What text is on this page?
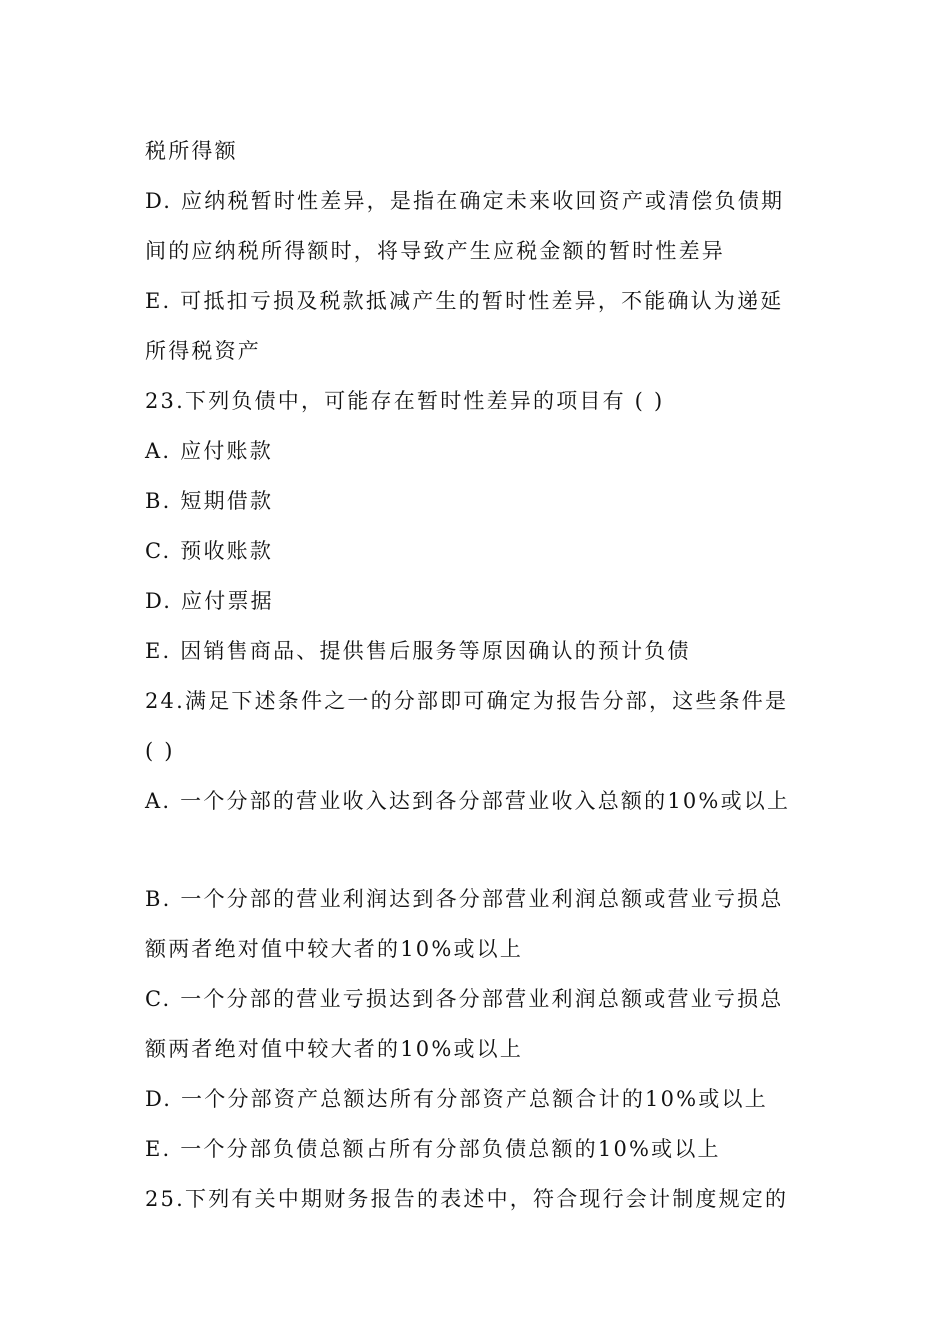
税所得额
D. 应纳税暂时性差异，是指在确定未来收回资产或清偿负债期
间的应纳税所得额时，将导致产生应税金额的暂时性差异
E. 可抵扣亏损及税款抵减产生的暂时性差异，不能确认为递延
所得税资产
23.下列负债中，可能存在暂时性差异的项目有 ( )
A. 应付账款
B. 短期借款
C. 预收账款
D. 应付票据
E. 因销售商品、提供售后服务等原因确认的预计负债
24.满足下述条件之一的分部即可确定为报告分部，这些条件是
( )
A. 一个分部的营业收入达到各分部营业收入总额的10%或以上
B. 一个分部的营业利润达到各分部营业利润总额或营业亏损总
额两者绝对值中较大者的10%或以上
C. 一个分部的营业亏损达到各分部营业利润总额或营业亏损总
额两者绝对值中较大者的10%或以上
D. 一个分部资产总额达所有分部资产总额合计的10%或以上
E. 一个分部负债总额占所有分部负债总额的10%或以上
25.下列有关中期财务报告的表述中，符合现行会计制度规定的
